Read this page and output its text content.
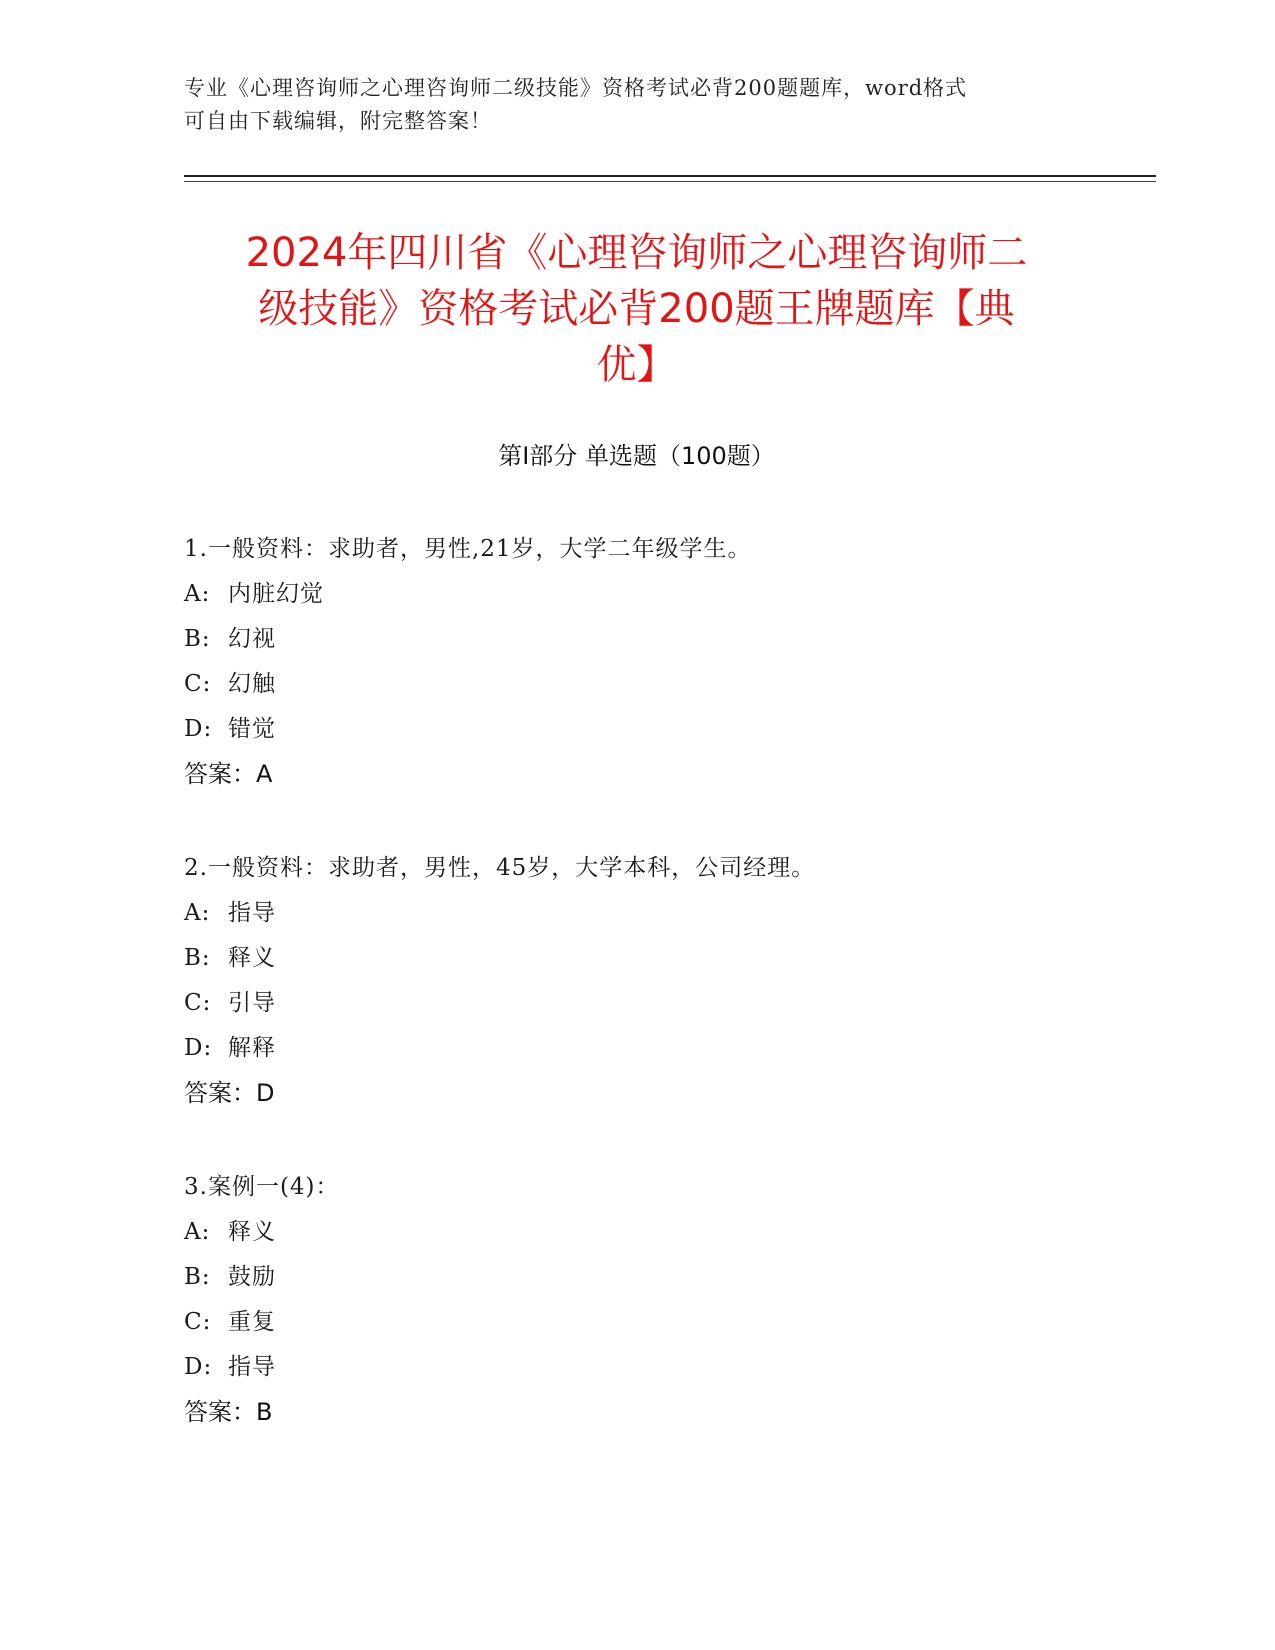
专业《心理咨询师之心理咨询师二级技能》资格考试必背200题题库，word格式
可自由下载编辑，附完整答案！
2024年四川省《心理咨询师之心理咨询师二
级技能》资格考试必背200题王牌题库【典
优】
第Ⅰ部分 单选题（100题）
1.一般资料：求助者，男性,21岁，大学二年级学生。
A: 内脏幻觉
B: 幻视
C: 幻触
D: 错觉
答案：A
2.一般资料：求助者，男性，45岁，大学本科，公司经理。
A: 指导
B: 释义
C: 引导
D: 解释
答案：D
3.案例一(4)：
A: 释义
B: 鼓励
C: 重复
D: 指导
答案：B
